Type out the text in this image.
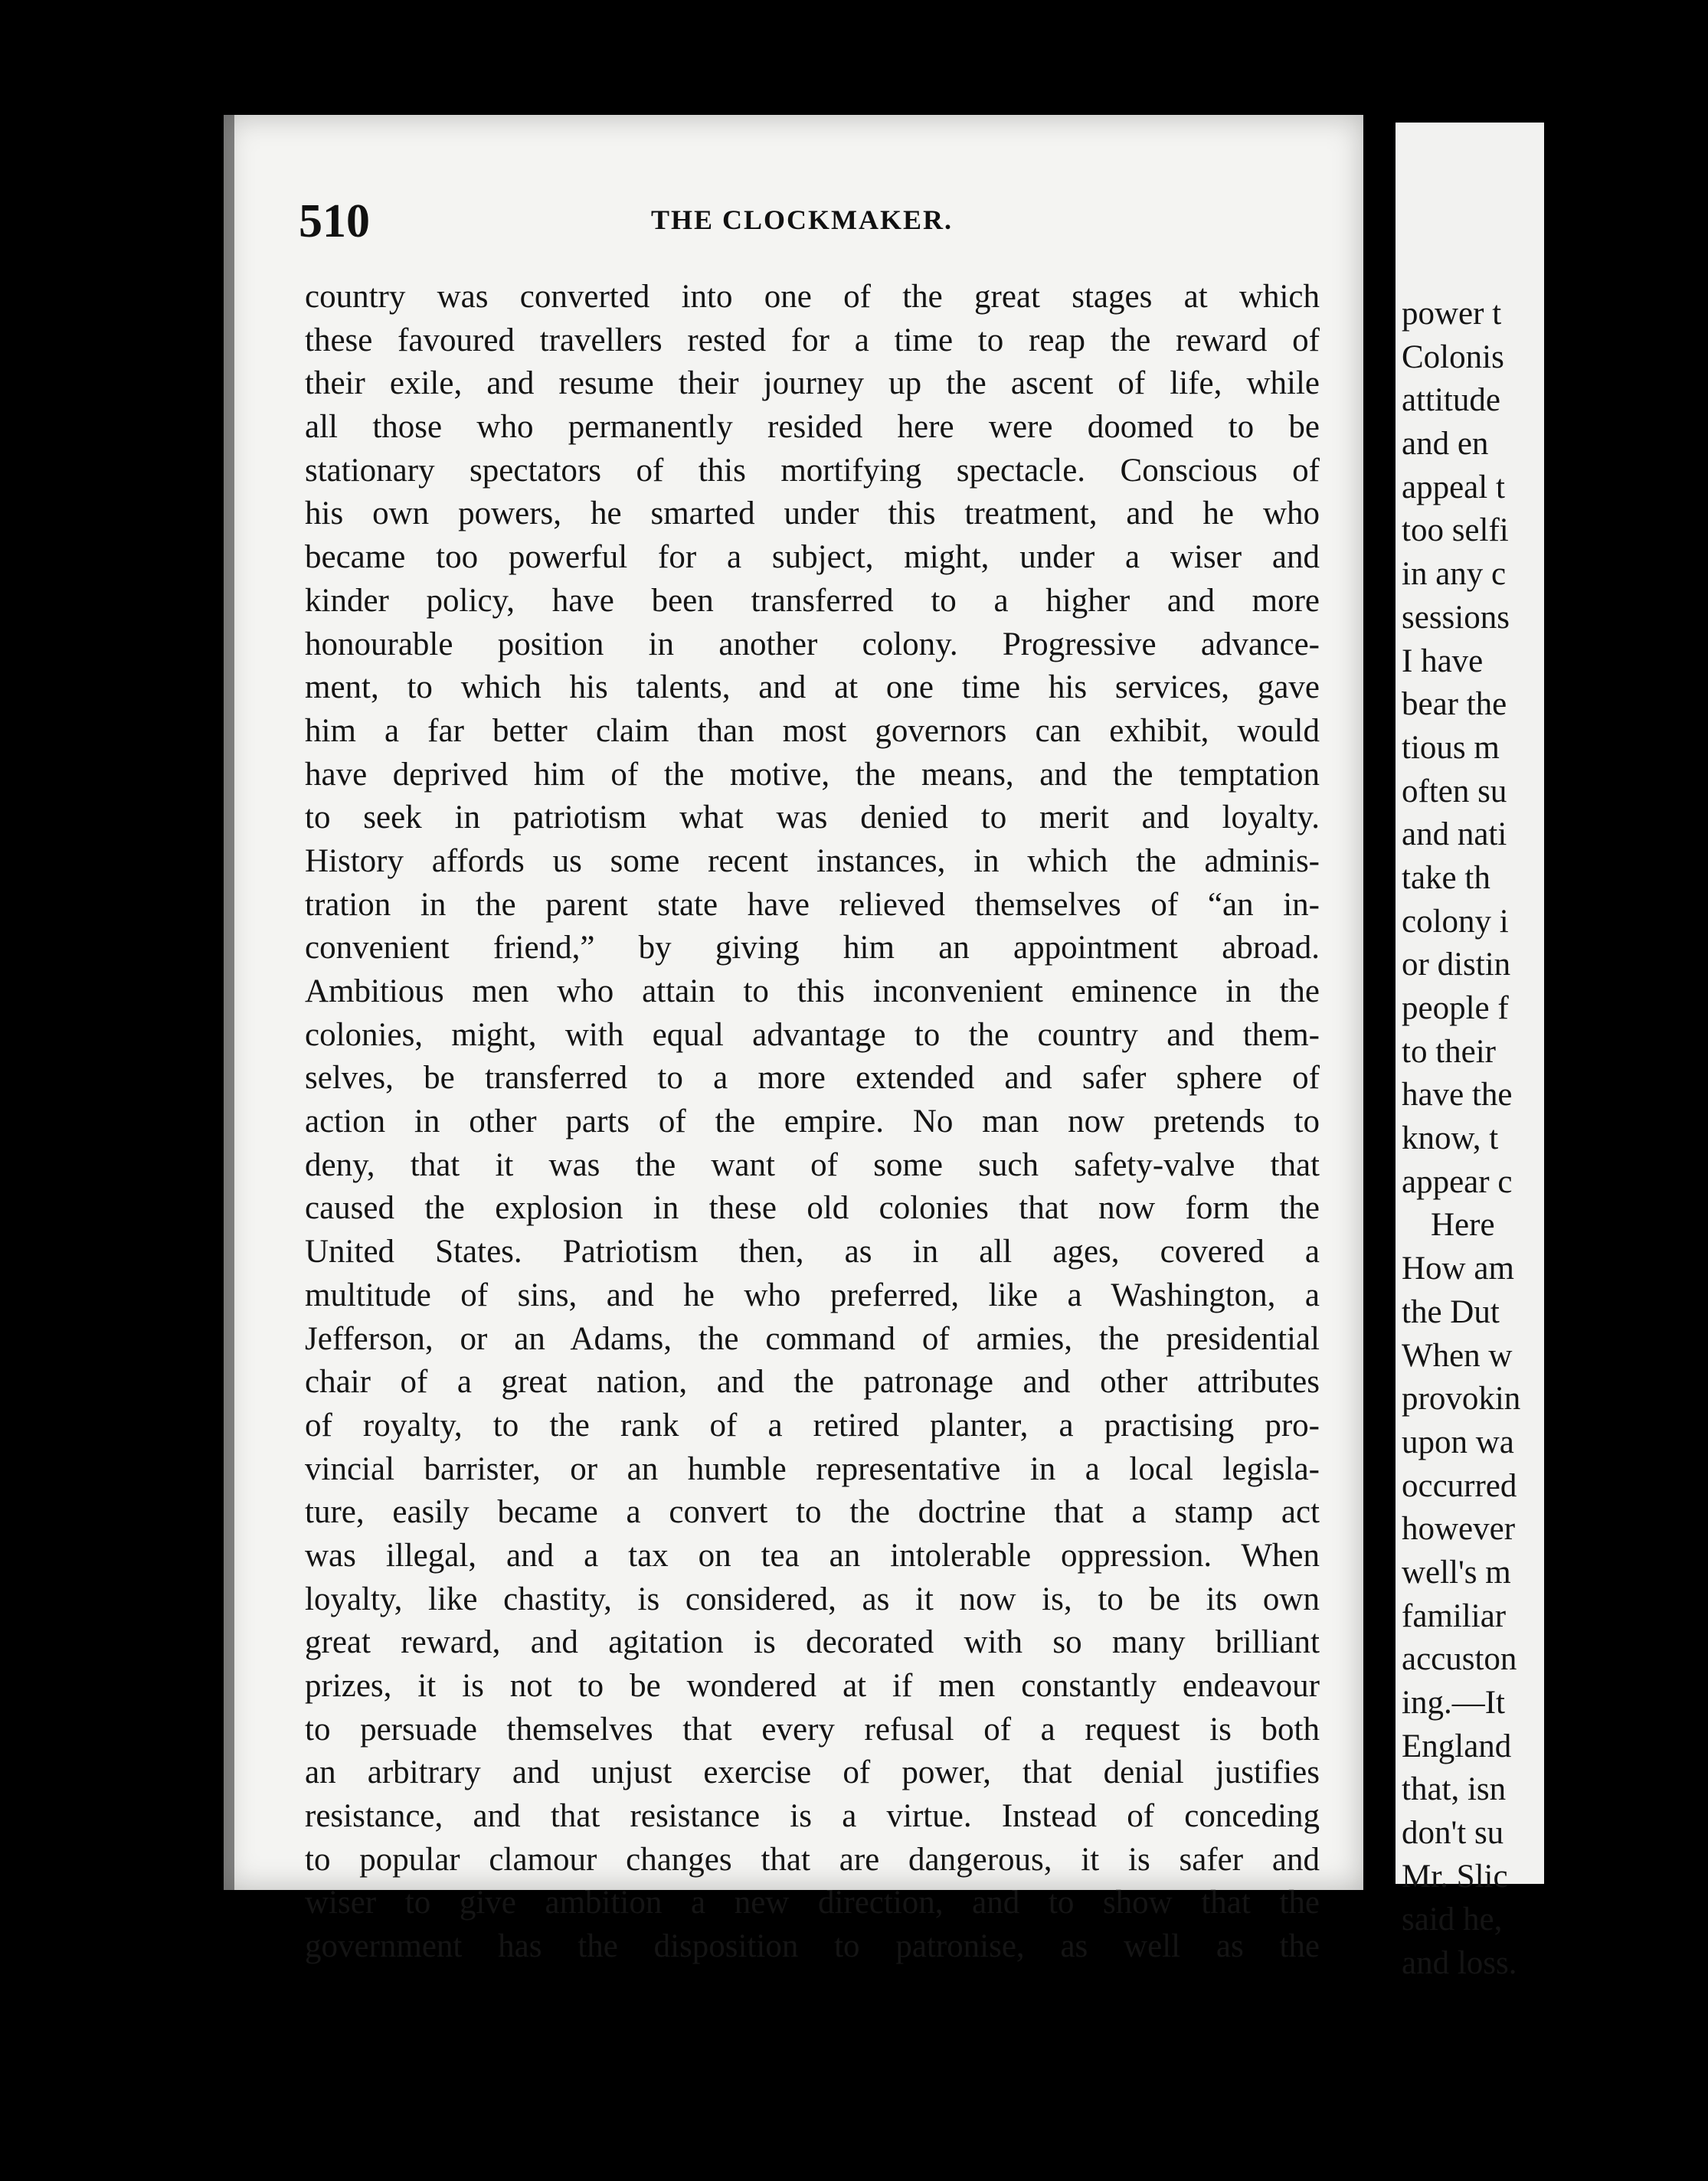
510	THE CLOCKMAKER.
country was converted into one of the great stages at which
these favoured travellers rested for a time to reap the reward of
their exile, and resume their journey up the ascent of life, while
all those who permanently resided here were doomed to be
stationary spectators of this mortifying spectacle. Conscious of
his own powers, he smarted under this treatment, and he who
became too powerful for a subject, might, under a wiser and
kinder policy, have been transferred to a higher and more
honourable position in another colony. Progressive advance-
ment, to which his talents, and at one time his services, gave
him a far better claim than most governors can exhibit, would
have deprived him of the motive, the means, and the temptation
to seek in patriotism what was denied to merit and loyalty.
History affords us some recent instances, in which the adminis-
tration in the parent state have relieved themselves of “an in-
convenient friend,” by giving him an appointment abroad.
Ambitious men who attain to this inconvenient eminence in the
colonies, might, with equal advantage to the country and them-
selves, be transferred to a more extended and safer sphere of
action in other parts of the empire. No man now pretends to
deny, that it was the want of some such safety-valve that
caused the explosion in these old colonies that now form the
United States. Patriotism then, as in all ages, covered a
multitude of sins, and he who preferred, like a Washington, a
Jefferson, or an Adams, the command of armies, the presidential
chair of a great nation, and the patronage and other attributes
of royalty, to the rank of a retired planter, a practising pro-
vincial barrister, or an humble representative in a local legisla-
ture, easily became a convert to the doctrine that a stamp act
was illegal, and a tax on tea an intolerable oppression. When
loyalty, like chastity, is considered, as it now is, to be its own
great reward, and agitation is decorated with so many brilliant
prizes, it is not to be wondered at if men constantly endeavour
to persuade themselves that every refusal of a request is both
an arbitrary and unjust exercise of power, that denial justifies
resistance, and that resistance is a virtue. Instead of conceding
to popular clamour changes that are dangerous, it is safer and
wiser to give ambition a new direction, and to show that the
government has the disposition to patronise, as well as the
power t
Colonis
attitude
and en
appeal t
too selfi
in any c
sessions
I have
bear the
tious m
often su
and nati
take th
colony i
or distin
people f
to their
have the
know, t
appear c
Here
How am
the Dut
When w
provokin
upon wa
occurred
however
well's m
familiar
accuston
ing.—It
England
that, isn
don't su
Mr. Slic
said he,
and loss.
